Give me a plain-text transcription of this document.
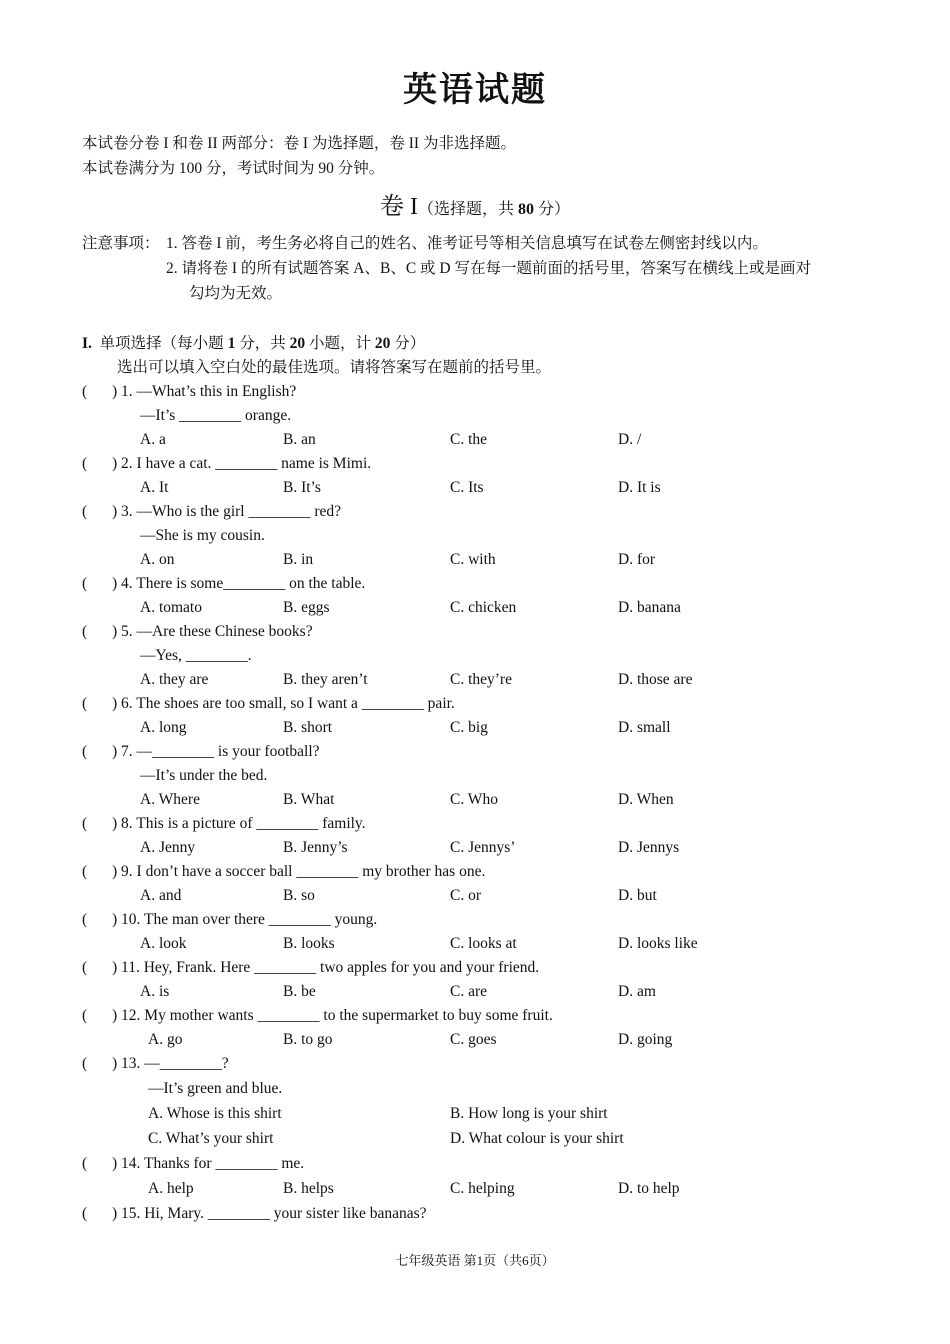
英语试题
本试卷分卷 I 和卷 II 两部分：卷 I 为选择题，卷 II 为非选择题。
本试卷满分为 100 分，考试时间为 90 分钟。
卷 I（选择题，共 80 分）
注意事项： 1. 答卷 I 前，考生务必将自己的姓名、准考证号等相关信息填写在试卷左侧密封线以内。
2. 请将卷 I 的所有试题答案 A、B、C 或 D 写在每一题前面的括号里，答案写在横线上或是画对
勾均为无效。
I. 单项选择（每小题 1 分，共 20 小题，计 20 分）
选出可以填入空白处的最佳选项。请将答案写在题前的括号里。
( ) 1. —What’s this in English?
—It’s ________ orange.
A. a	B. an	C. the	D. /
( ) 2. I have a cat. ________ name is Mimi.
A. It	B. It’s	C. Its	D. It is
( ) 3. —Who is the girl ________ red?
—She is my cousin.
A. on	B. in	C. with	D. for
( ) 4. There is some________ on the table.
A. tomato	B. eggs	C. chicken	D. banana
( ) 5. —Are these Chinese books?
—Yes, ________.
A. they are	B. they aren’t	C. they’re	D. those are
( ) 6. The shoes are too small, so I want a ________ pair.
A. long	B. short	C. big	D. small
( ) 7. —________ is your football?
—It’s under the bed.
A. Where	B. What	C. Who	D. When
( ) 8. This is a picture of ________ family.
A. Jenny	B. Jenny’s	C. Jennys’	D. Jennys
( ) 9. I don’t have a soccer ball ________ my brother has one.
A. and	B. so	C. or	D. but
( ) 10. The man over there ________ young.
A. look	B. looks	C. looks at	D. looks like
( ) 11. Hey, Frank. Here ________ two apples for you and your friend.
A. is	B. be	C. are	D. am
( ) 12. My mother wants ________ to the supermarket to buy some fruit.
A. go	B. to go	C. goes	D. going
( ) 13. —________?
—It’s green and blue.
A. Whose is this shirt	B. How long is your shirt
C. What’s your shirt	D. What colour is your shirt
( ) 14. Thanks for ________ me.
A. help	B. helps	C. helping	D. to help
( ) 15. Hi, Mary. ________ your sister like bananas?
七年级英语 第1页（共6页）
